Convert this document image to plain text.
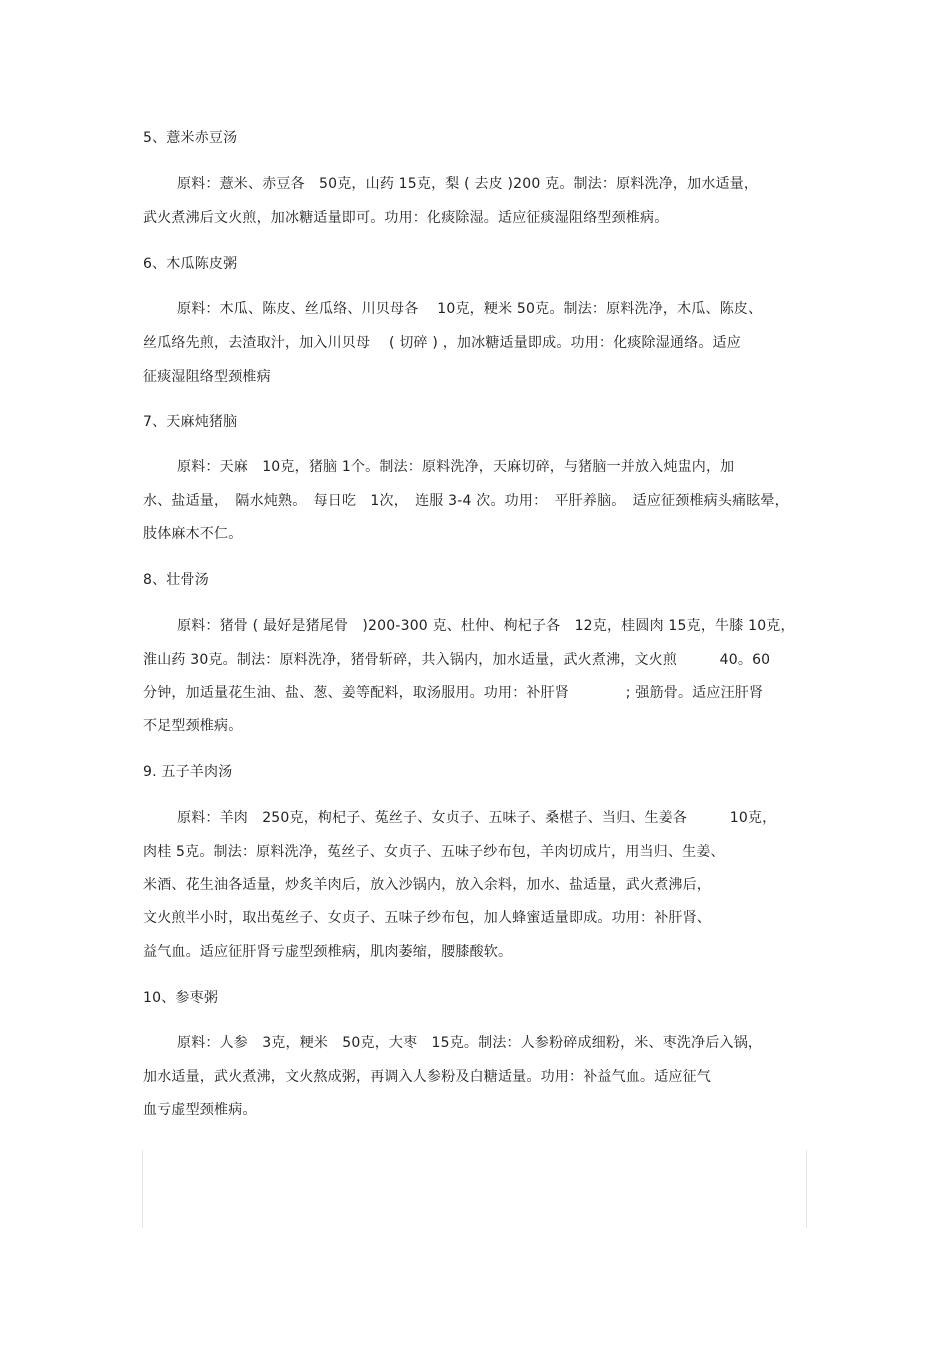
5、薏米赤豆汤
原料：薏米、赤豆各　50克，山药 15克，梨 ( 去皮 )200 克。制法：原料洗净，加水适量，
武火煮沸后文火煎，加冰糖适量即可。功用：化痰除湿。适应征痰湿阻络型颈椎病。
6、木瓜陈皮粥
原料：木瓜、陈皮、丝瓜络、川贝母各　 10克，粳米 50克。制法：原料洗净，木瓜、陈皮、
丝瓜络先煎，去渣取汁，加入川贝母　 ( 切碎 ) ，加冰糖适量即成。功用：化痰除湿通络。适应
征痰湿阻络型颈椎病
7、天麻炖猪脑
原料：天麻　10克，猪脑 1个。制法：原料洗净，天麻切碎，与猪脑一并放入炖盅内，加
水、盐适量，　隔水炖熟。　每日吃　1次，　连服 3-4 次。功用：　平肝养脑。　适应征颈椎病头痛眩晕，
肢体麻木不仁。
8、壮骨汤
原料：猪骨 ( 最好是猪尾骨　)200-300 克、杜仲、枸杞子各　12克，桂圆肉 15克，牛膝 10克，
淮山药 30克。制法：原料洗净，猪骨斩碎，共入锅内，加水适量，武火煮沸，文火煎　　　40。60
分钟，加适量花生油、盐、葱、姜等配料，取汤服用。功用：补肝肾　　　　; 强筋骨。适应汪肝肾
不足型颈椎病。
9. 五子羊肉汤
原料：羊肉　250克，枸杞子、菟丝子、女贞子、五味子、桑椹子、当归、生姜各　　　10克，
肉桂 5克。制法：原料洗净，菟丝子、女贞子、五味子纱布包，羊肉切成片，用当归、生姜、
米酒、花生油各适量，炒炙羊肉后，放入沙锅内，放入余料，加水、盐适量，武火煮沸后，
文火煎半小时，取出菟丝子、女贞子、五味子纱布包，加人蜂蜜适量即成。功用：补肝肾、
益气血。适应征肝肾亏虚型颈椎病，肌肉萎缩，腰膝酸软。
10、参枣粥
原料：人参　3克，粳米　50克，大枣　15克。制法：人参粉碎成细粉，米、枣洗净后入锅，
加水适量，武火煮沸，文火熬成粥，再调入人参粉及白糖适量。功用：补益气血。适应征气
血亏虚型颈椎病。
